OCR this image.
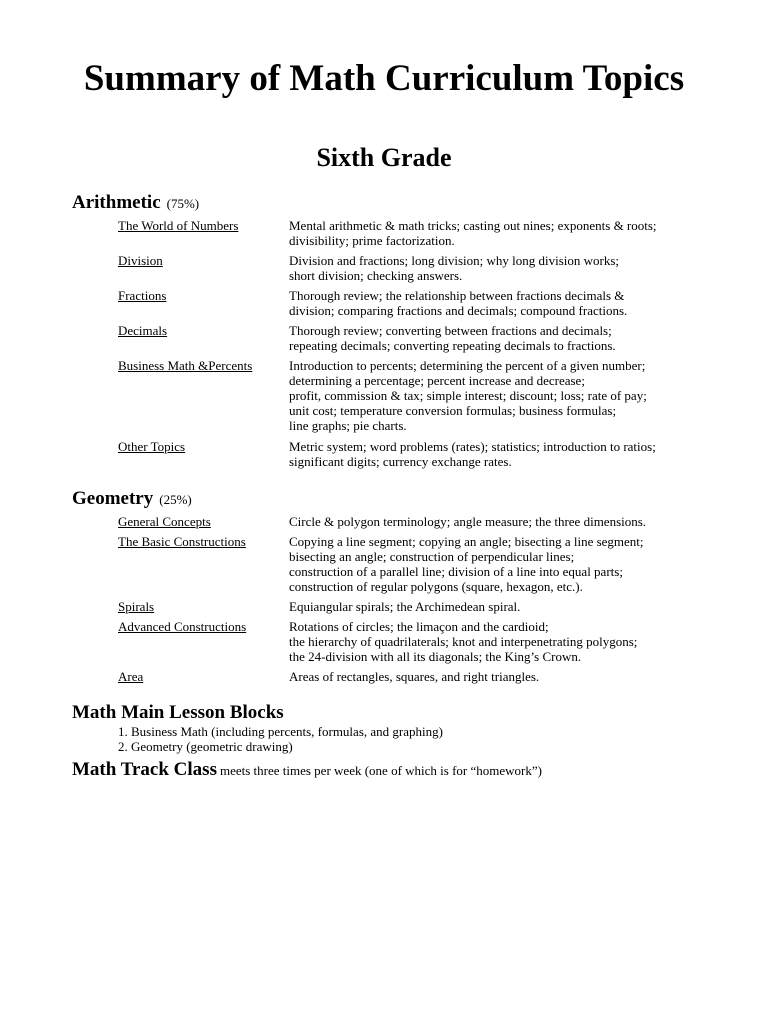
Summary of Math Curriculum Topics
Sixth Grade
Arithmetic (75%)
The World of Numbers	Mental arithmetic & math tricks; casting out nines; exponents & roots;
divisibility; prime factorization.
Division	Division and fractions; long division; why long division works;
short division; checking answers.
Fractions	Thorough review; the relationship between fractions decimals &
division; comparing fractions and decimals; compound fractions.
Decimals	Thorough review; converting between fractions and decimals;
repeating decimals; converting repeating decimals to fractions.
Business Math &Percents	Introduction to percents; determining the percent of a given number;
determining a percentage; percent increase and decrease;
profit, commission & tax; simple interest; discount; loss; rate of pay;
unit cost; temperature conversion formulas; business formulas;
line graphs; pie charts.
Other Topics	Metric system; word problems (rates); statistics; introduction to ratios;
significant digits; currency exchange rates.
Geometry (25%)
General Concepts	Circle & polygon terminology; angle measure; the three dimensions.
The Basic Constructions	Copying a line segment; copying an angle; bisecting a line segment;
bisecting an angle; construction of perpendicular lines;
construction of a parallel line; division of a line into equal parts;
construction of regular polygons (square, hexagon, etc.).
Spirals	Equiangular spirals; the Archimedean spiral.
Advanced Constructions	Rotations of circles; the limaçon and the cardioid;
the hierarchy of quadrilaterals; knot and interpenetrating polygons;
the 24-division with all its diagonals; the King’s Crown.
Area	Areas of rectangles, squares, and right triangles.
Math Main Lesson Blocks
1. Business Math (including percents, formulas, and graphing)
2. Geometry (geometric drawing)
Math Track Class meets three times per week (one of which is for “homework”)
